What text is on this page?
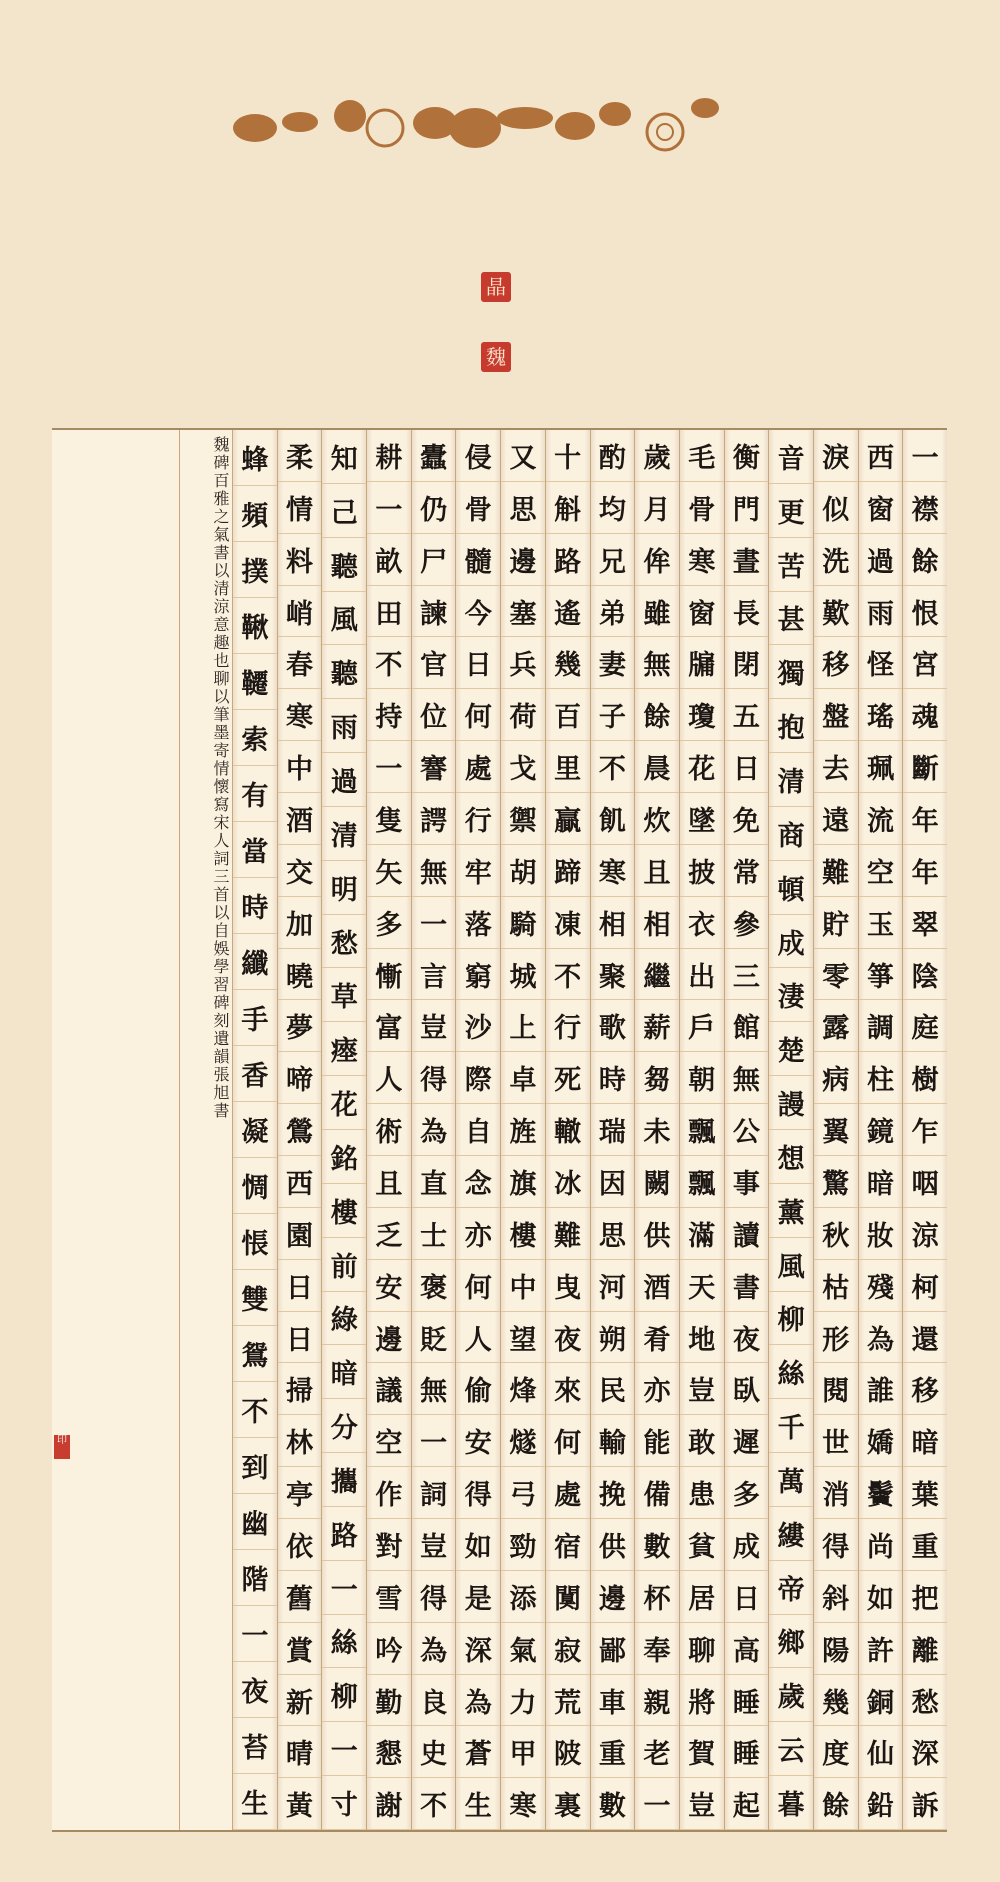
晶
魏
一
襟
餘
恨
宮
魂
斷
年
年
翠
陰
庭
樹
乍
咽
涼
柯
還
移
暗
葉
重
把
離
愁
深
訴
西
窗
過
雨
怪
瑤
珮
流
空
玉
箏
調
柱
鏡
暗
妝
殘
為
誰
嬌
鬢
尚
如
許
銅
仙
鉛
淚
似
洗
歎
移
盤
去
遠
難
貯
零
露
病
翼
驚
秋
枯
形
閱
世
消
得
斜
陽
幾
度
餘
音
更
苦
甚
獨
抱
清
商
頓
成
淒
楚
謾
想
薰
風
柳
絲
千
萬
縷
帝
鄉
歲
云
暮
衡
門
晝
長
閉
五
日
免
常
參
三
館
無
公
事
讀
書
夜
臥
遲
多
成
日
高
睡
睡
起
毛
骨
寒
窗
牖
瓊
花
墜
披
衣
出
戶
朝
飄
飄
滿
天
地
豈
敢
患
貧
居
聊
將
賀
豈
歲
月
侔
雖
無
餘
晨
炊
且
相
繼
薪
芻
未
闕
供
酒
肴
亦
能
備
數
杯
奉
親
老
一
酌
均
兄
弟
妻
子
不
飢
寒
相
聚
歌
時
瑞
因
思
河
朔
民
輸
挽
供
邊
鄙
車
重
數
十
斛
路
遙
幾
百
里
贏
蹄
凍
不
行
死
轍
冰
難
曳
夜
來
何
處
宿
闃
寂
荒
陂
裏
又
思
邊
塞
兵
荷
戈
禦
胡
騎
城
上
卓
旌
旗
樓
中
望
烽
燧
弓
勁
添
氣
力
甲
寒
侵
骨
髓
今
日
何
處
行
牢
落
窮
沙
際
自
念
亦
何
人
偷
安
得
如
是
深
為
蒼
生
蠹
仍
尸
諫
官
位
謇
諤
無
一
言
豈
得
為
直
士
褒
貶
無
一
詞
豈
得
為
良
史
不
耕
一
畝
田
不
持
一
隻
矢
多
慚
富
人
術
且
乏
安
邊
議
空
作
對
雪
吟
勤
懇
謝
知
己
聽
風
聽
雨
過
清
明
愁
草
瘞
花
銘
樓
前
綠
暗
分
攜
路
一
絲
柳
一
寸
柔
情
料
峭
春
寒
中
酒
交
加
曉
夢
啼
鶯
西
園
日
日
掃
林
亭
依
舊
賞
新
晴
黃
蜂
頻
撲
鞦
韆
索
有
當
時
纖
手
香
凝
惆
悵
雙
鴛
不
到
幽
階
一
夜
苔
生
魏碑百雅之氣書以清涼意趣也聊以筆墨寄情懷寫宋人詞三首以自娛學習碑刻遺韻張旭書
印
